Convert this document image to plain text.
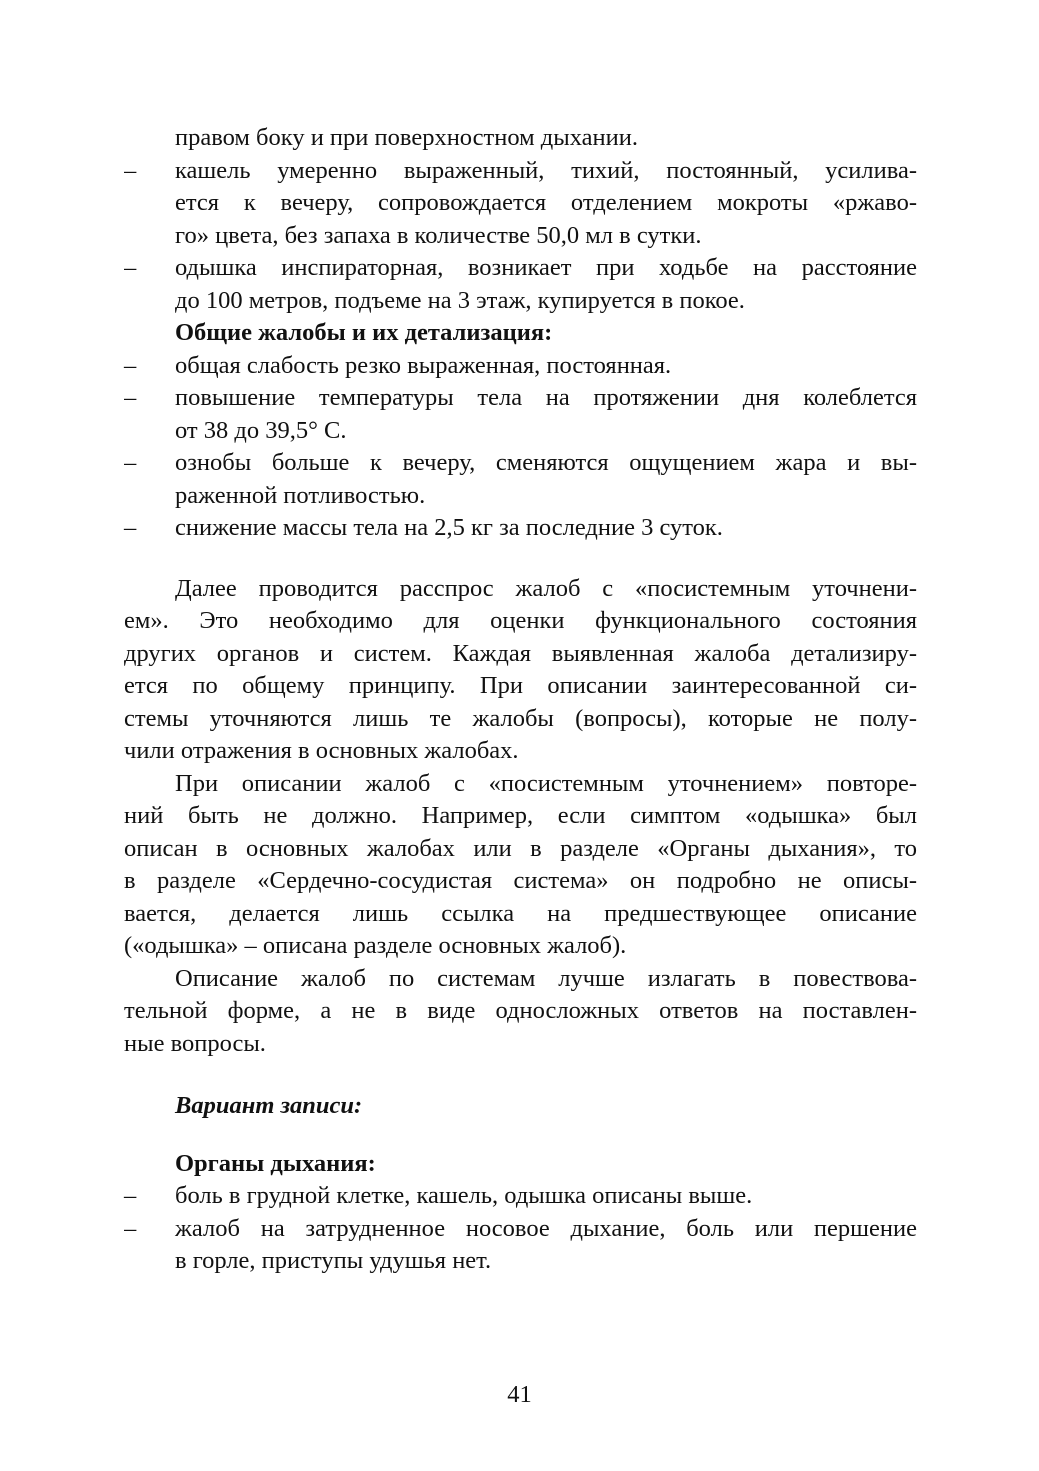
правом боку и при поверхностном дыхании.
– кашель умеренно выраженный, тихий, постоянный, усилива-
ется к вечеру, сопровождается отделением мокроты «ржаво-
го» цвета, без запаха в количестве 50,0 мл в сутки.
– одышка инспираторная, возникает при ходьбе на расстояние
до 100 метров, подъеме на 3 этаж, купируется в покое.
Общие жалобы и их детализация:
– общая слабость резко выраженная, постоянная.
– повышение температуры тела на протяжении дня колеблется
от 38 до 39,5° С.
– ознобы больше к вечеру, сменяются ощущением жара и вы-
раженной потливостью.
– снижение массы тела на 2,5 кг за последние 3 суток.
Далее проводится расспрос жалоб с «посистемным уточнени-
ем». Это необходимо для оценки функционального состояния
других органов и систем. Каждая выявленная жалоба детализиру-
ется по общему принципу. При описании заинтересованной си-
стемы уточняются лишь те жалобы (вопросы), которые не полу-
чили отражения в основных жалобах.
При описании жалоб с «посистемным уточнением» повторе-
ний быть не должно. Например, если симптом «одышка» был
описан в основных жалобах или в разделе «Органы дыхания», то
в разделе «Сердечно-сосудистая система» он подробно не описы-
вается, делается лишь ссылка на предшествующее описание
(«одышка» – описана разделе основных жалоб).
Описание жалоб по системам лучше излагать в повествова-
тельной форме, а не в виде односложных ответов на поставлен-
ные вопросы.
Вариант записи:
Органы дыхания:
– боль в грудной клетке, кашель, одышка описаны выше.
– жалоб на затрудненное носовое дыхание, боль или першение
в горле, приступы удушья нет.
41
